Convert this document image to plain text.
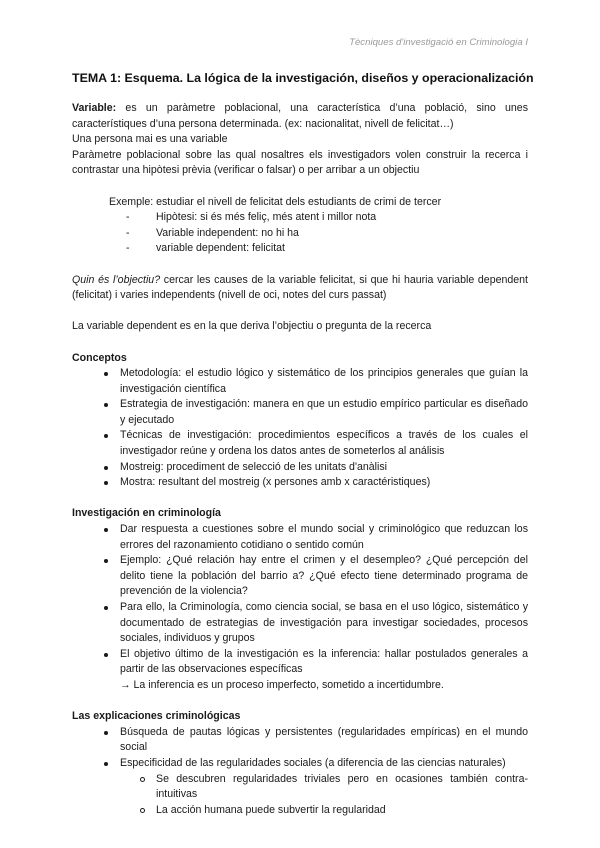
Tècniques d'investigació en Criminologia I
TEMA 1: Esquema. La lógica de la investigación, diseños y operacionalización

Variable: es un paràmetre poblacional, una característica d’una població, sino unes característiques d’una persona determinada. (ex: nacionalitat, nivell de felicitat…)

Una persona mai es una variable

Paràmetre poblacional sobre las qual nosaltres els investigadors volen construir la recerca i contrastar una hipòtesi prèvia (verificar o falsar) o per arribar a un objectiu

Exemple: estudiar el nivell de felicitat dels estudiants de crimi de tercer

- Hipòtesi: si és més feliç, més atent i millor nota
- Variable independent: no hi ha
- variable dependent: felicitat

Quin és l’objectiu? cercar les causes de la variable felicitat, si que hi hauria variable dependent (felicitat) i varies independents (nivell de oci, notes del curs passat)

La variable dependent es en la que deriva l’objectiu o pregunta de la recerca

Conceptos

Metodología: el estudio lógico y sistemático de los principios generales que guían la investigación científica
Estrategia de investigación: manera en que un estudio empírico particular es diseñado y ejecutado
Técnicas de investigación: procedimientos específicos a través de los cuales el investigador reúne y ordena los datos antes de someterlos al análisis
Mostreig: procediment de selecció de les unitats d'anàlisi
Mostra: resultant del mostreig (x persones amb x caractéristiques)

Investigación en criminología

Dar respuesta a cuestiones sobre el mundo social y criminológico que reduzcan los errores del razonamiento cotidiano o sentido común
Ejemplo: ¿Qué relación hay entre el crimen y el desempleo? ¿Qué percepción del delito tiene la población del barrio a? ¿Qué efecto tiene determinado programa de prevención de la violencia?
Para ello, la Criminología, como ciencia social, se basa en el uso lógico, sistemático y documentado de estrategias de investigación para investigar sociedades, procesos sociales, individuos y grupos
El objetivo último de la investigación es la inferencia: hallar postulados generales a partir de las observaciones específicas
→ La inferencia es un proceso imperfecto, sometido a incertidumbre.

Las explicaciones criminológicas

Búsqueda de pautas lógicas y persistentes (regularidades empíricas) en el mundo social
Especificidad de las regularidades sociales (a diferencia de las ciencias naturales)
Se descubren regularidades triviales pero en ocasiones también contra-intuitivas
La acción humana puede subvertir la regularidad
